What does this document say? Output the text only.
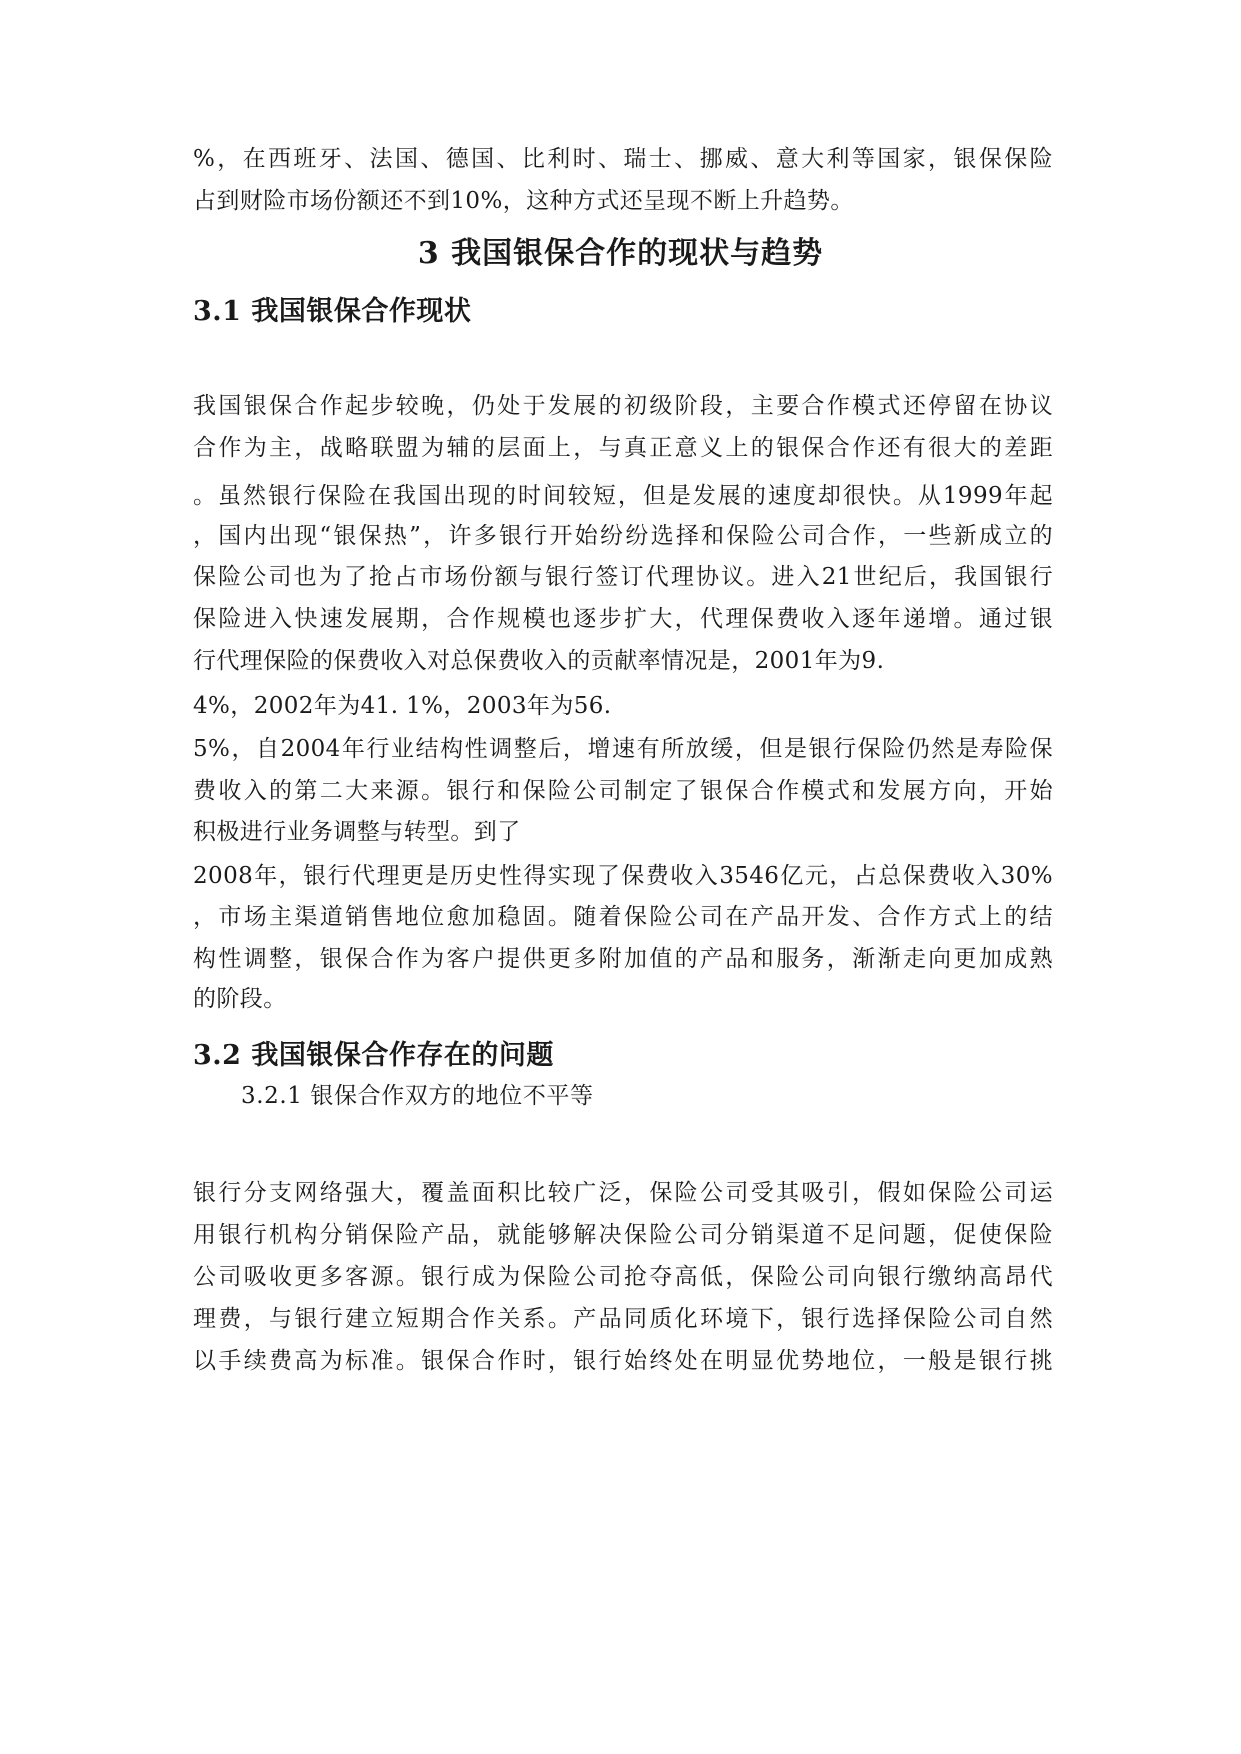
%，在西班牙、法国、德国、比利时、瑞士、挪威、意大利等国家，银保保险
占到财险市场份额还不到10%，这种方式还呈现不断上升趋势。
3 我国银保合作的现状与趋势
3.1 我国银保合作现状
我国银保合作起步较晚，仍处于发展的初级阶段，主要合作模式还停留在协议
合作为主，战略联盟为辅的层面上，与真正意义上的银保合作还有很大的差距
。虽然银行保险在我国出现的时间较短，但是发展的速度却很快。从1999年起
，国内出现“银保热”，许多银行开始纷纷选择和保险公司合作，一些新成立的
保险公司也为了抢占市场份额与银行签订代理协议。进入21世纪后，我国银行
保险进入快速发展期，合作规模也逐步扩大，代理保费收入逐年递增。通过银
行代理保险的保费收入对总保费收入的贡献率情况是，2001年为9.
4%，2002年为41. 1%，2003年为56.
5%，自2004年行业结构性调整后，增速有所放缓，但是银行保险仍然是寿险保
费收入的第二大来源。银行和保险公司制定了银保合作模式和发展方向，开始
积极进行业务调整与转型。到了
2008年，银行代理更是历史性得实现了保费收入3546亿元，占总保费收入30%
，市场主渠道销售地位愈加稳固。随着保险公司在产品开发、合作方式上的结
构性调整，银保合作为客户提供更多附加值的产品和服务，渐渐走向更加成熟
的阶段。
3.2 我国银保合作存在的问题
3.2.1 银保合作双方的地位不平等
银行分支网络强大，覆盖面积比较广泛，保险公司受其吸引，假如保险公司运
用银行机构分销保险产品，就能够解决保险公司分销渠道不足问题，促使保险
公司吸收更多客源。银行成为保险公司抢夺高低，保险公司向银行缴纳高昂代
理费，与银行建立短期合作关系。产品同质化环境下，银行选择保险公司自然
以手续费高为标准。银保合作时，银行始终处在明显优势地位，一般是银行挑
